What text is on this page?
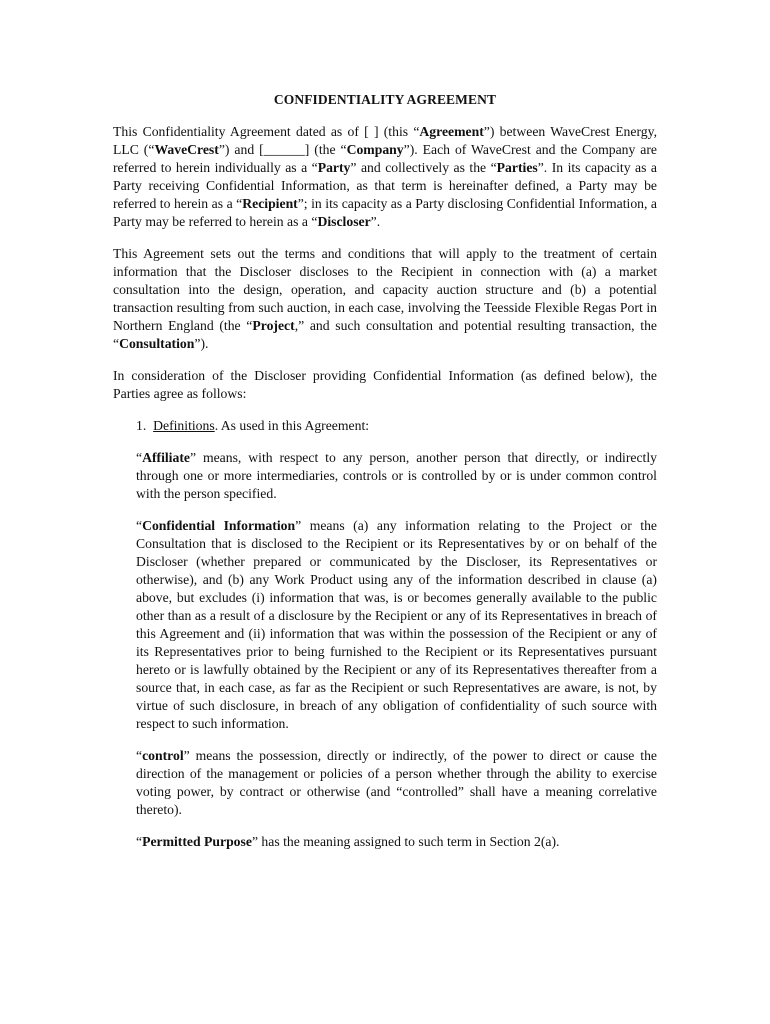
CONFIDENTIALITY AGREEMENT

This Confidentiality Agreement dated as of [ ] (this “Agreement”) between WaveCrest Energy, LLC (“WaveCrest”) and [______] (the “Company”). Each of WaveCrest and the Company are referred to herein individually as a “Party” and collectively as the “Parties”. In its capacity as a Party receiving Confidential Information, as that term is hereinafter defined, a Party may be referred to herein as a “Recipient”; in its capacity as a Party disclosing Confidential Information, a Party may be referred to herein as a “Discloser”.

This Agreement sets out the terms and conditions that will apply to the treatment of certain information that the Discloser discloses to the Recipient in connection with (a) a market consultation into the design, operation, and capacity auction structure and (b) a potential transaction resulting from such auction, in each case, involving the Teesside Flexible Regas Port in Northern England (the “Project,” and such consultation and potential resulting transaction, the “Consultation”).

In consideration of the Discloser providing Confidential Information (as defined below), the Parties agree as follows:

1. Definitions. As used in this Agreement:

“Affiliate” means, with respect to any person, another person that directly, or indirectly through one or more intermediaries, controls or is controlled by or is under common control with the person specified.

“Confidential Information” means (a) any information relating to the Project or the Consultation that is disclosed to the Recipient or its Representatives by or on behalf of the Discloser (whether prepared or communicated by the Discloser, its Representatives or otherwise), and (b) any Work Product using any of the information described in clause (a) above, but excludes (i) information that was, is or becomes generally available to the public other than as a result of a disclosure by the Recipient or any of its Representatives in breach of this Agreement and (ii) information that was within the possession of the Recipient or any of its Representatives prior to being furnished to the Recipient or its Representatives pursuant hereto or is lawfully obtained by the Recipient or any of its Representatives thereafter from a source that, in each case, as far as the Recipient or such Representatives are aware, is not, by virtue of such disclosure, in breach of any obligation of confidentiality of such source with respect to such information.

“control” means the possession, directly or indirectly, of the power to direct or cause the direction of the management or policies of a person whether through the ability to exercise voting power, by contract or otherwise (and “controlled” shall have a meaning correlative thereto).

“Permitted Purpose” has the meaning assigned to such term in Section 2(a).
